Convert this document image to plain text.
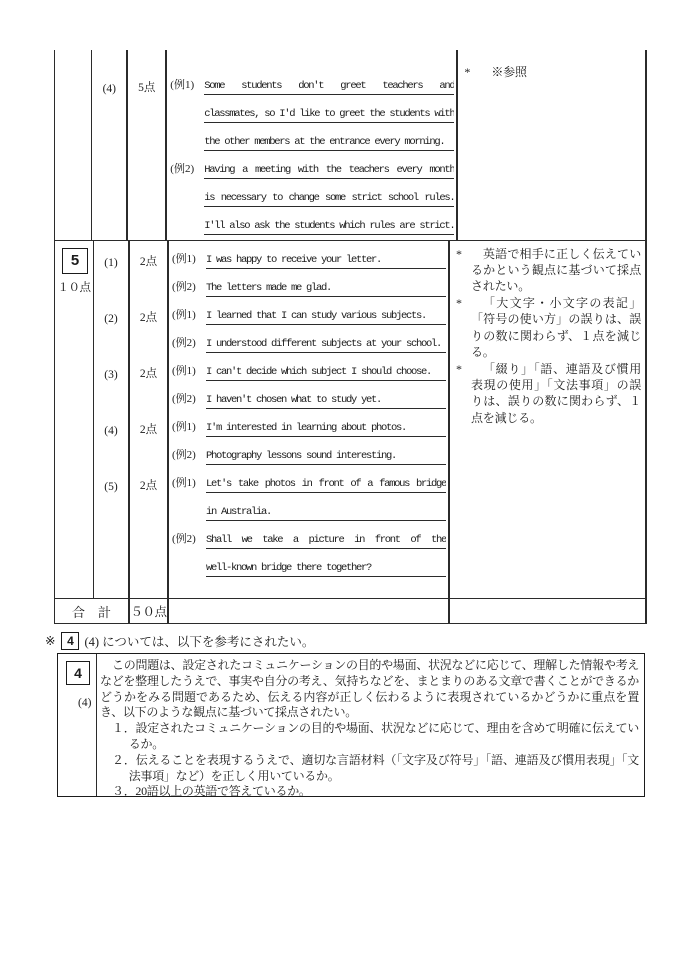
(4) 5点 (例1) Some students don't greet teachers and
classmates, so I'd like to greet the students with
the other members at the entrance every morning.
(例2) Having a meeting with the teachers every month
is necessary to change some strict school rules.
I'll also ask the students which rules are strict.
*	※参照
5
１０点
(1) 2点 (例1) I was happy to receive your letter.
(例2) The letters made me glad.
(2) 2点 (例1) I learned that I can study various subjects.
(例2) I understood different subjects at your school.
(3) 2点 (例1) I can't decide which subject I should choose.
(例2) I haven't chosen what to study yet.
(4) 2点 (例1) I'm interested in learning about photos.
(例2) Photography lessons sound interesting.
(5) 2点 (例1) Let's take photos in front of a famous bridge
in Australia.
(例2) Shall we take a picture in front of the
well-known bridge there together?
*	英語で相手に正しく伝えているかという観点に基づいて採点されたい。
*	「大文字・小文字の表記」「符号の使い方」の誤りは、誤りの数に関わらず、１点を減じる。
*	「綴り」「語、連語及び慣用表現の使用」「文法事項」の誤りは、誤りの数に関わらず、１点を減じる。
合　計	５０点
※ 4 (4) については、以下を参考にされたい。
4
(4)
この問題は、設定されたコミュニケーションの目的や場面、状況などに応じて、理解した情報や考えなどを整理したうえで、事実や自分の考え、気持ちなどを、まとまりのある文章で書くことができるかどうかをみる問題であるため、伝える内容が正しく伝わるように表現されているかどうかに重点を置き、以下のような観点に基づいて採点されたい。
１．設定されたコミュニケーションの目的や場面、状況などに応じて、理由を含めて明確に伝えているか。
２．伝えることを表現するうえで、適切な言語材料（「文字及び符号」「語、連語及び慣用表現」「文法事項」など）を正しく用いているか。
３．20語以上の英語で答えているか。
